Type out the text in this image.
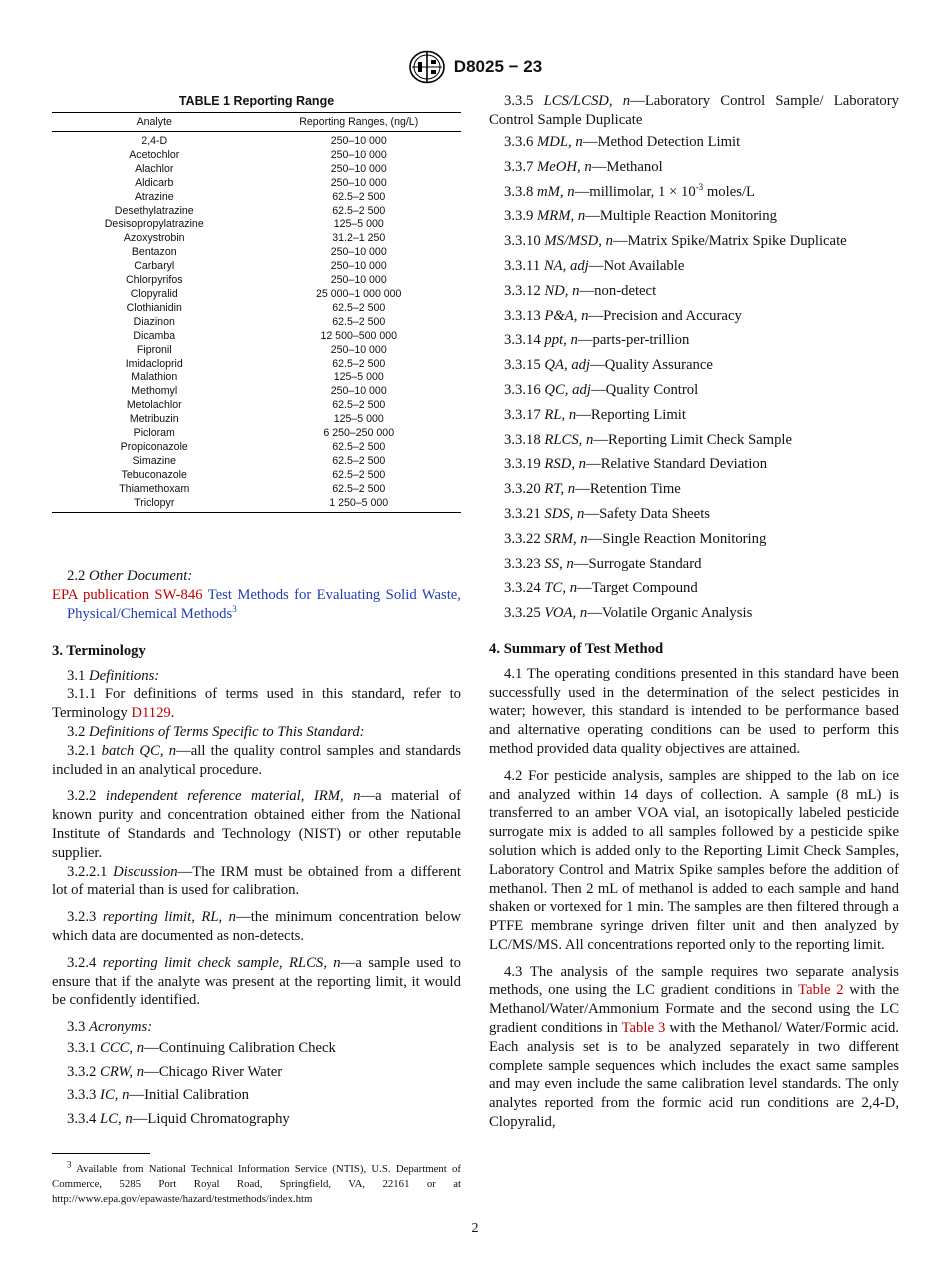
D8025 − 23
TABLE 1 Reporting Range
Analyte	Reporting Ranges, (ng/L)
2,4-D	250–10 000
Acetochlor	250–10 000
Alachlor	250–10 000
Aldicarb	250–10 000
Atrazine	62.5–2 500
Desethylatrazine	62.5–2 500
Desisopropylatrazine	125–5 000
Azoxystrobin	31.2–1 250
Bentazon	250–10 000
Carbaryl	250–10 000
Chlorpyrifos	250–10 000
Clopyralid	25 000–1 000 000
Clothianidin	62.5–2 500
Diazinon	62.5–2 500
Dicamba	12 500–500 000
Fipronil	250–10 000
Imidacloprid	62.5–2 500
Malathion	125–5 000
Methomyl	250–10 000
Metolachlor	62.5–2 500
Metribuzin	125–5 000
Picloram	6 250–250 000
Propiconazole	62.5–2 500
Simazine	62.5–2 500
Tebuconazole	62.5–2 500
Thiamethoxam	62.5–2 500
Triclopyr	1 250–5 000

2.2 Other Document:

EPA publication SW-846 Test Methods for Evaluating Solid Waste, Physical/Chemical Methods$^3$

3. Terminology

3.1 Definitions:

3.1.1 For definitions of terms used in this standard, refer to Terminology D1129.

3.2 Definitions of Terms Specific to This Standard:

3.2.1 batch QC, n—all the quality control samples and standards included in an analytical procedure.

3.2.2 independent reference material, IRM, n—a material of known purity and concentration obtained either from the National Institute of Standards and Technology (NIST) or other reputable supplier.

3.2.2.1 Discussion—The IRM must be obtained from a different lot of material than is used for calibration.

3.2.3 reporting limit, RL, n—the minimum concentration below which data are documented as non-detects.

3.2.4 reporting limit check sample, RLCS, n—a sample used to ensure that if the analyte was present at the reporting limit, it would be confidently identified.

3.3 Acronyms:

3.3.1 CCC, n—Continuing Calibration Check

3.3.2 CRW, n—Chicago River Water

3.3.3 IC, n—Initial Calibration

3.3.4 LC, n—Liquid Chromatography

$^3$ Available from National Technical Information Service (NTIS), U.S. Department of Commerce, 5285 Port Royal Road, Springfield, VA, 22161 or at http://www.epa.gov/epawaste/hazard/testmethods/index.htm

3.3.5 LCS/LCSD, n—Laboratory Control Sample/ Laboratory Control Sample Duplicate

3.3.6 MDL, n—Method Detection Limit

3.3.7 MeOH, n—Methanol

3.3.8 mM, n—millimolar, $1 \times 10^{-3}$ moles/L

3.3.9 MRM, n—Multiple Reaction Monitoring

3.3.10 MS/MSD, n—Matrix Spike/Matrix Spike Duplicate

3.3.11 NA, adj—Not Available

3.3.12 ND, n—non-detect

3.3.13 P&A, n—Precision and Accuracy

3.3.14 ppt, n—parts-per-trillion

3.3.15 QA, adj—Quality Assurance

3.3.16 QC, adj—Quality Control

3.3.17 RL, n—Reporting Limit

3.3.18 RLCS, n—Reporting Limit Check Sample

3.3.19 RSD, n—Relative Standard Deviation

3.3.20 RT, n—Retention Time

3.3.21 SDS, n—Safety Data Sheets

3.3.22 SRM, n—Single Reaction Monitoring

3.3.23 SS, n—Surrogate Standard

3.3.24 TC, n—Target Compound

3.3.25 VOA, n—Volatile Organic Analysis

4. Summary of Test Method

4.1 The operating conditions presented in this standard have been successfully used in the determination of the select pesticides in water; however, this standard is intended to be performance based and alternative operating conditions can be used to perform this method provided data quality objectives are attained.

4.2 For pesticide analysis, samples are shipped to the lab on ice and analyzed within 14 days of collection. A sample (8 mL) is transferred to an amber VOA vial, an isotopically labeled pesticide surrogate mix is added to all samples followed by a pesticide spike solution which is added only to the Reporting Limit Check Samples, Laboratory Control and Matrix Spike samples before the addition of methanol. Then 2 mL of methanol is added to each sample and hand shaken or vortexed for 1 min. The samples are then filtered through a PTFE membrane syringe driven filter unit and then analyzed by LC/MS/MS. All concentrations reported only to the reporting limit.

4.3 The analysis of the sample requires two separate analysis methods, one using the LC gradient conditions in Table 2 with the Methanol/Water/Ammonium Formate and the second using the LC gradient conditions in Table 3 with the Methanol/ Water/Formic acid. Each analysis set is to be analyzed separately in two different complete sample sequences which includes the exact same samples and may even include the same calibration level standards. The only analytes reported from the formic acid run conditions are 2,4-D, Clopyralid,

2
